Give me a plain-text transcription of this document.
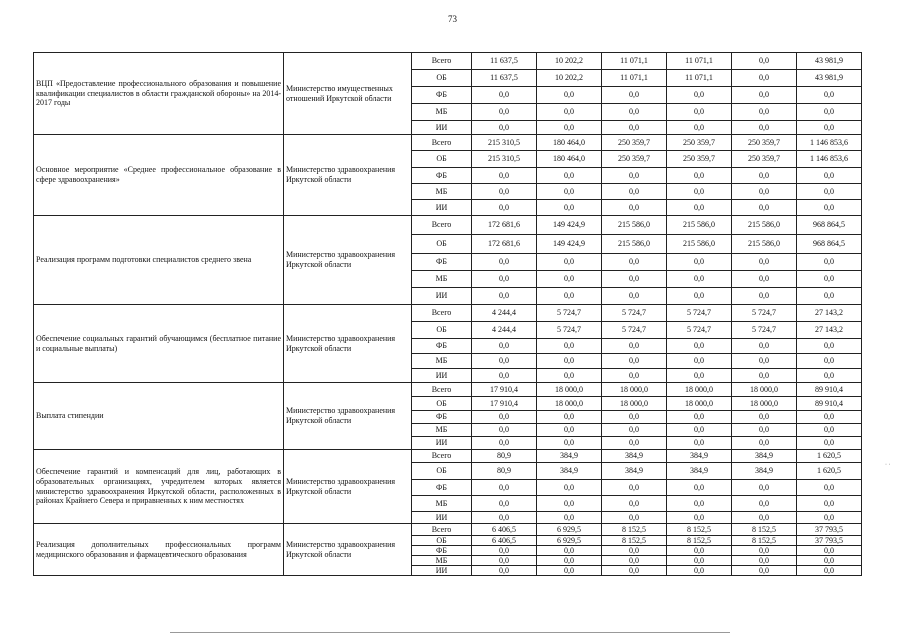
73
ВЦП «Предоставление профессионального образования и повышение квалификации специалистов в области гражданской обороны» на 2014-2017 годы	Министерство имущественных отношений Иркутской области	Всего	11 637,5	10 202,2	11 071,1	11 071,1	0,0	43 981,9
		ОБ	11 637,5	10 202,2	11 071,1	11 071,1	0,0	43 981,9
		ФБ	0,0	0,0	0,0	0,0	0,0	0,0
		МБ	0,0	0,0	0,0	0,0	0,0	0,0
		ИИ	0,0	0,0	0,0	0,0	0,0	0,0
Основное мероприятие «Среднее профессиональное образование в сфере здравоохранения»	Министерство здравоохранения Иркутской области	Всего	215 310,5	180 464,0	250 359,7	250 359,7	250 359,7	1 146 853,6
		ОБ	215 310,5	180 464,0	250 359,7	250 359,7	250 359,7	1 146 853,6
		ФБ	0,0	0,0	0,0	0,0	0,0	0,0
		МБ	0,0	0,0	0,0	0,0	0,0	0,0
		ИИ	0,0	0,0	0,0	0,0	0,0	0,0
Реализация программ подготовки специалистов среднего звена	Министерство здравоохранения Иркутской области	Всего	172 681,6	149 424,9	215 586,0	215 586,0	215 586,0	968 864,5
		ОБ	172 681,6	149 424,9	215 586,0	215 586,0	215 586,0	968 864,5
		ФБ	0,0	0,0	0,0	0,0	0,0	0,0
		МБ	0,0	0,0	0,0	0,0	0,0	0,0
		ИИ	0,0	0,0	0,0	0,0	0,0	0,0
Обеспечение социальных гарантий обучающимся (бесплатное питание и социальные выплаты)	Министерство здравоохранения Иркутской области	Всего	4 244,4	5 724,7	5 724,7	5 724,7	5 724,7	27 143,2
		ОБ	4 244,4	5 724,7	5 724,7	5 724,7	5 724,7	27 143,2
		ФБ	0,0	0,0	0,0	0,0	0,0	0,0
		МБ	0,0	0,0	0,0	0,0	0,0	0,0
		ИИ	0,0	0,0	0,0	0,0	0,0	0,0
Выплата стипендии	Министерство здравоохранения Иркутской области	Всего	17 910,4	18 000,0	18 000,0	18 000,0	18 000,0	89 910,4
		ОБ	17 910,4	18 000,0	18 000,0	18 000,0	18 000,0	89 910,4
		ФБ	0,0	0,0	0,0	0,0	0,0	0,0
		МБ	0,0	0,0	0,0	0,0	0,0	0,0
		ИИ	0,0	0,0	0,0	0,0	0,0	0,0
Обеспечение гарантий и компенсаций для лиц, работающих в образовательных организациях, учредителем которых является министерство здравоохранения Иркутской области, расположенных в районах Крайнего Севера и приравненных к ним местностях	Министерство здравоохранения Иркутской области	Всего	80,9	384,9	384,9	384,9	384,9	1 620,5
		ОБ	80,9	384,9	384,9	384,9	384,9	1 620,5
		ФБ	0,0	0,0	0,0	0,0	0,0	0,0
		МБ	0,0	0,0	0,0	0,0	0,0	0,0
		ИИ	0,0	0,0	0,0	0,0	0,0	0,0
Реализация дополнительных профессиональных программ медицинского образования и фармацевтического образования	Министерство здравоохранения Иркутской области	Всего	6 406,5	6 929,5	8 152,5	8 152,5	8 152,5	37 793,5
		ОБ	6 406,5	6 929,5	8 152,5	8 152,5	8 152,5	37 793,5
		ФБ	0,0	0,0	0,0	0,0	0,0	0,0
		МБ	0,0	0,0	0,0	0,0	0,0	0,0
		ИИ	0,0	0,0	0,0	0,0	0,0	0,0
· ·
